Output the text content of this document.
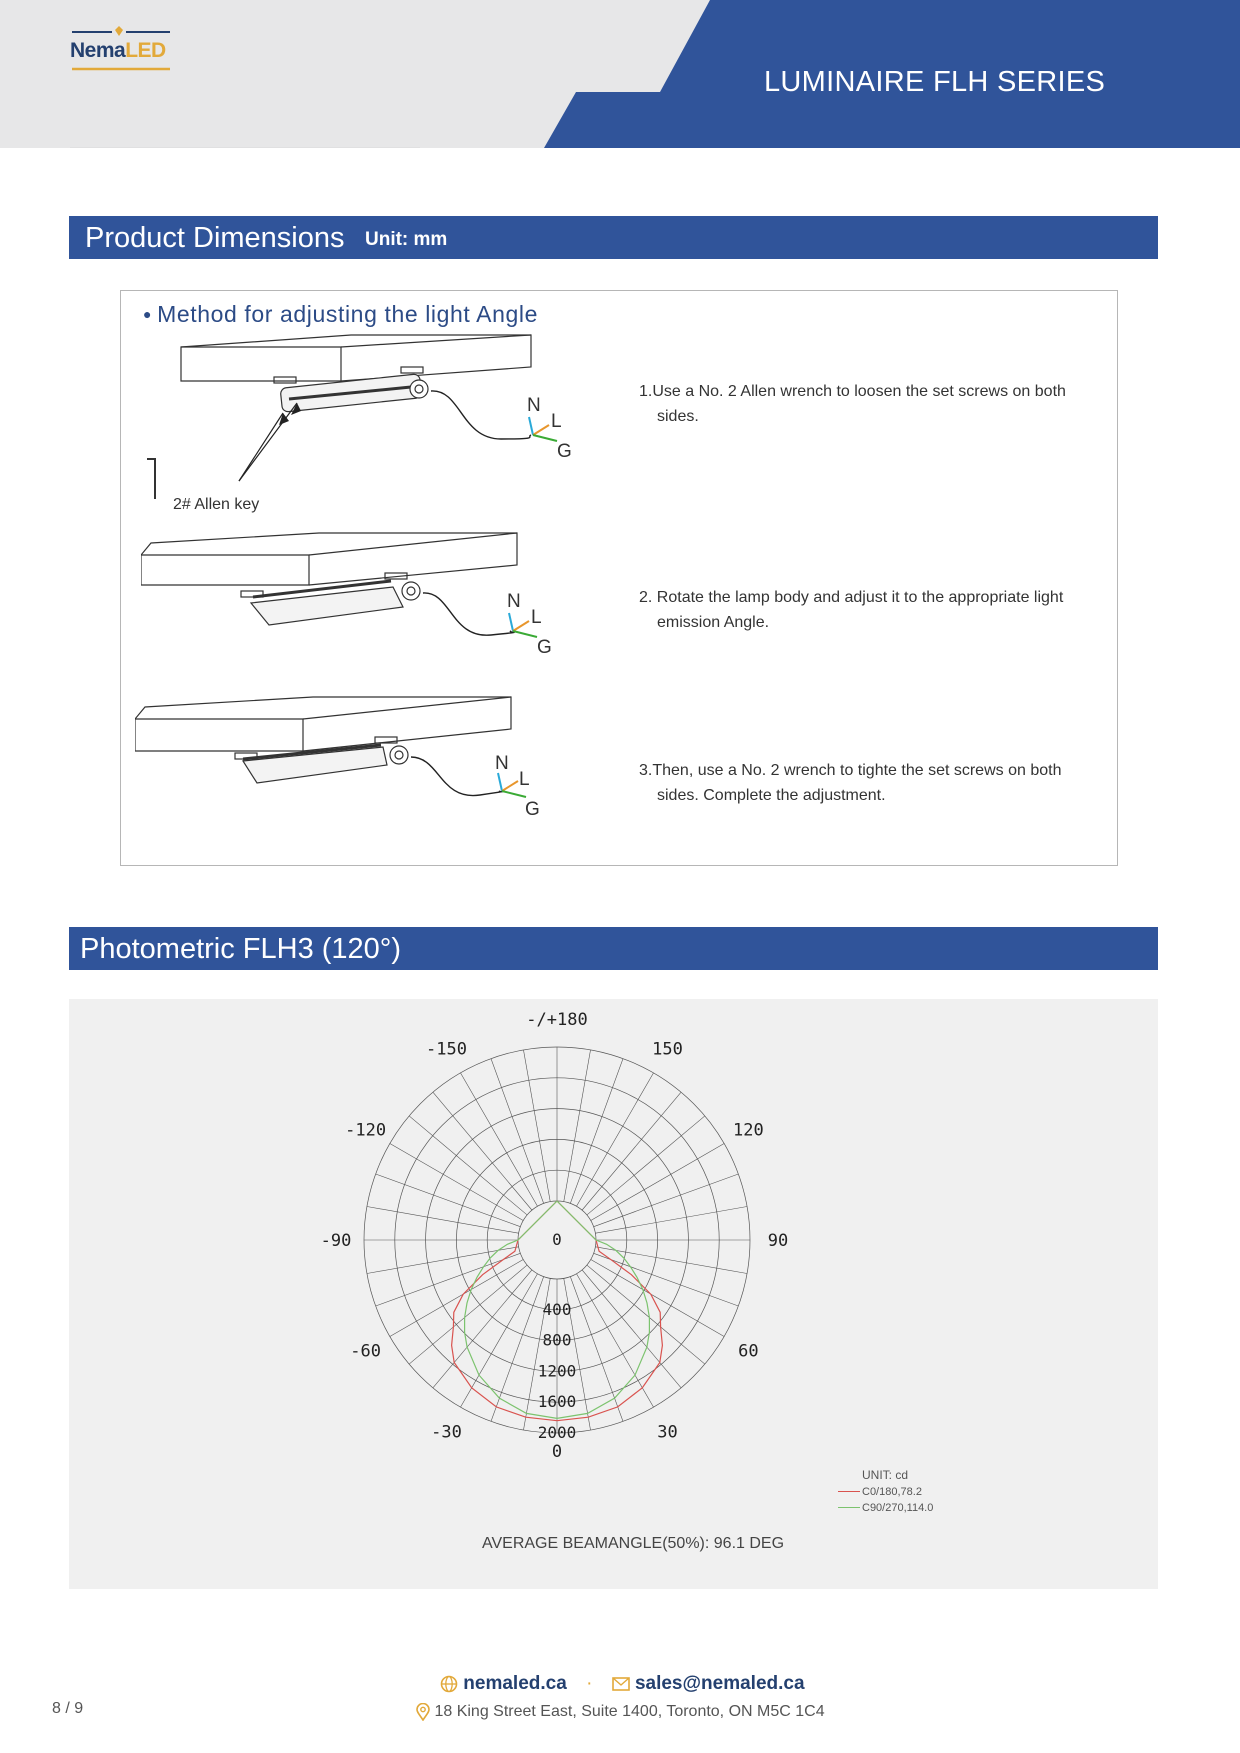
NemaLED
LUMINAIRE FLH SERIES
Product Dimensions Unit: mm
● Method for adjusting the light Angle
N
L
G
2# Allen key
N
L
G
N
L
G
1.Use a No. 2 Allen wrench to loosen the set screws on both
sides.
2. Rotate the lamp body and adjust it to the appropriate light
emission Angle.
3.Then, use a No. 2 wrench to tighte the set screws on both
sides. Complete the adjustment.
Photometric FLH3 (120°)
-/+180
-150	150
-120	120
-90	90
-60	60
-30	30
0
0
400
800
1200
1600
2000
AVERAGE BEAMANGLE(50%): 96.1 DEG
UNIT: cd
C0/180,78.2
C90/270,114.0
8 / 9
nemaled.ca · sales@nemaled.ca
18 King Street East, Suite 1400, Toronto, ON M5C 1C4
